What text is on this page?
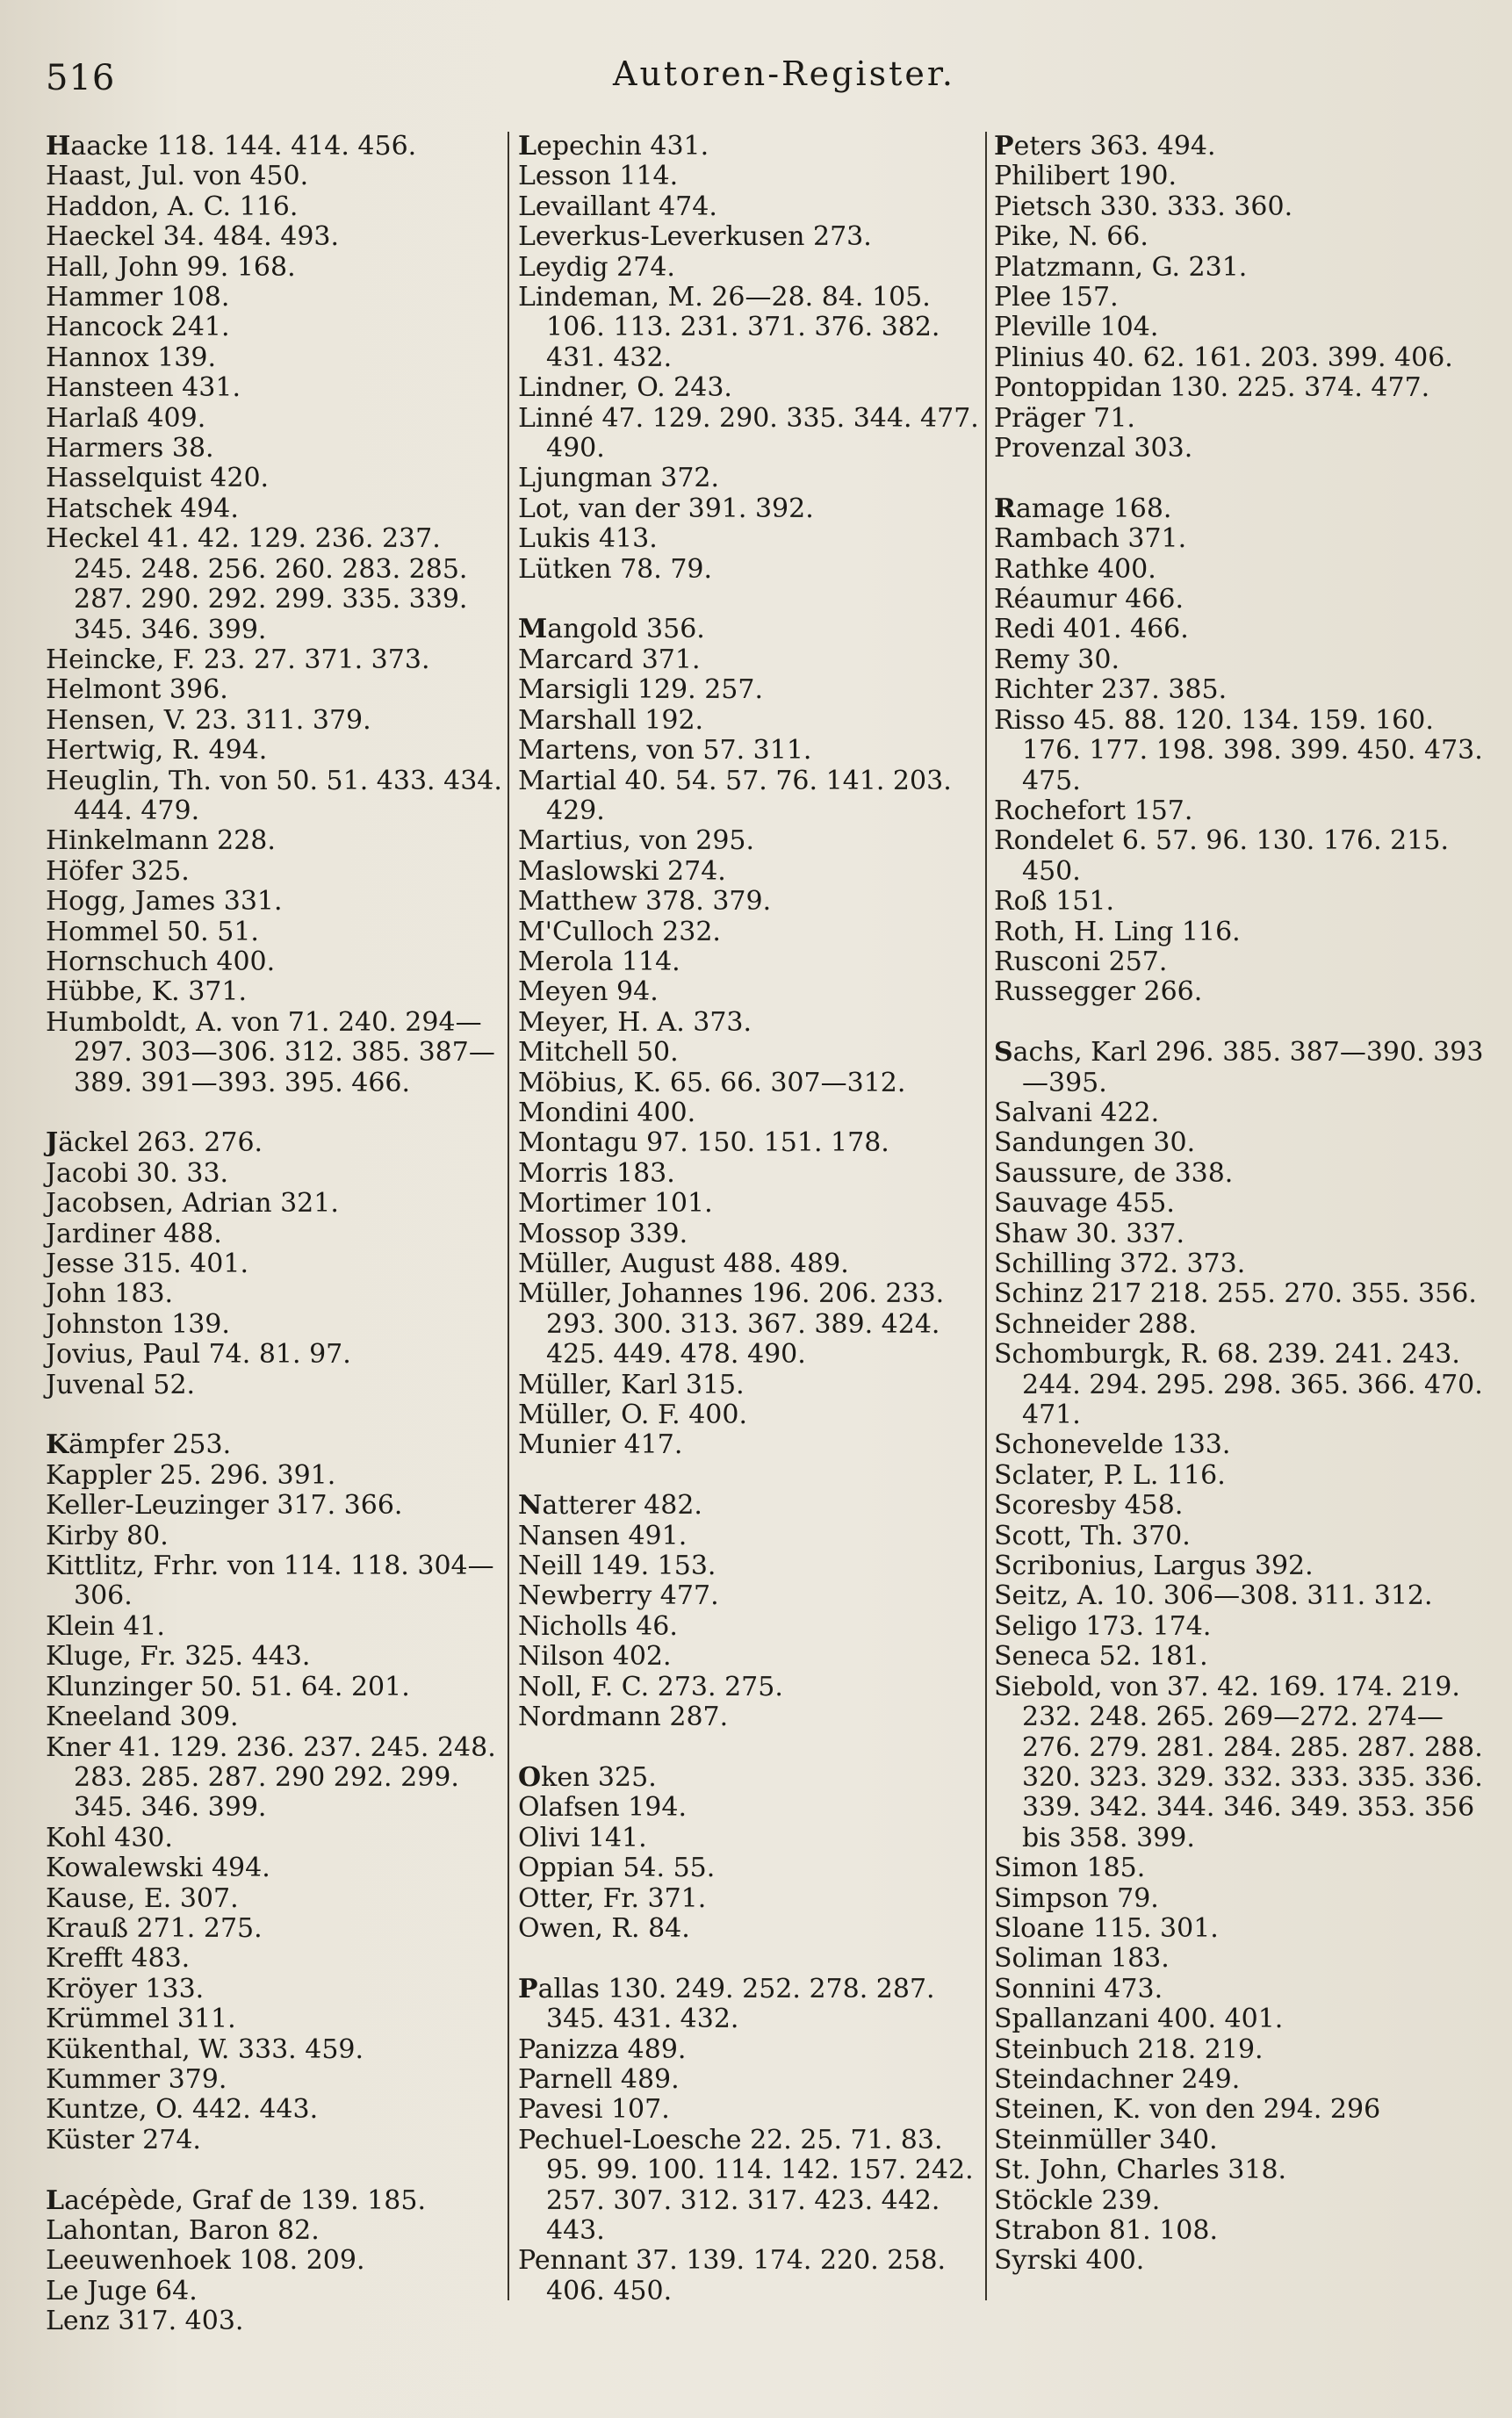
516	Autoren-Register.
Haacke 118. 144. 414. 456.
Haast, Jul. von 450.
Haddon, A. C. 116.
Haeckel 34. 484. 493.
Hall, John 99. 168.
Hammer 108.
Hancock 241.
Hannox 139.
Hansteen 431.
Harlaß 409.
Harmers 38.
Hasselquist 420.
Hatschek 494.
Heckel 41. 42. 129. 236. 237. 245. 248. 256. 260. 283. 285. 287. 290. 292. 299. 335. 339. 345. 346. 399.
Heincke, F. 23. 27. 371. 373.
Helmont 396.
Hensen, V. 23. 311. 379.
Hertwig, R. 494.
Heuglin, Th. von 50. 51. 433. 434. 444. 479.
Hinkelmann 228.
Höfer 325.
Hogg, James 331.
Hommel 50. 51.
Hornschuch 400.
Hübbe, K. 371.
Humboldt, A. von 71. 240. 294—297. 303—306. 312. 385. 387—389. 391—393. 395. 466.
Jäckel 263. 276.
Jacobi 30. 33.
Jacobsen, Adrian 321.
Jardiner 488.
Jesse 315. 401.
John 183.
Johnston 139.
Jovius, Paul 74. 81. 97.
Juvenal 52.
Kämpfer 253.
Kappler 25. 296. 391.
Keller-Leuzinger 317. 366.
Kirby 80.
Kittlitz, Frhr. von 114. 118. 304—306.
Klein 41.
Kluge, Fr. 325. 443.
Klunzinger 50. 51. 64. 201.
Kneeland 309.
Kner 41. 129. 236. 237. 245. 248. 283. 285. 287. 290 292. 299. 345. 346. 399.
Kohl 430.
Kowalewski 494.
Kause, E. 307.
Krauß 271. 275.
Krefft 483.
Kröyer 133.
Krümmel 311.
Kükenthal, W. 333. 459.
Kummer 379.
Kuntze, O. 442. 443.
Küster 274.
Lacépède, Graf de 139. 185.
Lahontan, Baron 82.
Leeuwenhoek 108. 209.
Le Juge 64.
Lenz 317. 403.
Lepechin 431.
Lesson 114.
Levaillant 474.
Leverkus-Leverkusen 273.
Leydig 274.
Lindeman, M. 26—28. 84. 105. 106. 113. 231. 371. 376. 382. 431. 432.
Lindner, O. 243.
Linné 47. 129. 290. 335. 344. 477. 490.
Ljungman 372.
Lot, van der 391. 392.
Lukis 413.
Lütken 78. 79.
Mangold 356.
Marcard 371.
Marsigli 129. 257.
Marshall 192.
Martens, von 57. 311.
Martial 40. 54. 57. 76. 141. 203. 429.
Martius, von 295.
Maslowski 274.
Matthew 378. 379.
M'Culloch 232.
Merola 114.
Meyen 94.
Meyer, H. A. 373.
Mitchell 50.
Möbius, K. 65. 66. 307—312.
Mondini 400.
Montagu 97. 150. 151. 178.
Morris 183.
Mortimer 101.
Mossop 339.
Müller, August 488. 489.
Müller, Johannes 196. 206. 233. 293. 300. 313. 367. 389. 424. 425. 449. 478. 490.
Müller, Karl 315.
Müller, O. F. 400.
Munier 417.
Natterer 482.
Nansen 491.
Neill 149. 153.
Newberry 477.
Nicholls 46.
Nilson 402.
Noll, F. C. 273. 275.
Nordmann 287.
Oken 325.
Olafsen 194.
Olivi 141.
Oppian 54. 55.
Otter, Fr. 371.
Owen, R. 84.
Pallas 130. 249. 252. 278. 287. 345. 431. 432.
Panizza 489.
Parnell 489.
Pavesi 107.
Pechuel-Loesche 22. 25. 71. 83. 95. 99. 100. 114. 142. 157. 242. 257. 307. 312. 317. 423. 442. 443.
Pennant 37. 139. 174. 220. 258. 406. 450.
Peters 363. 494.
Philibert 190.
Pietsch 330. 333. 360.
Pike, N. 66.
Platzmann, G. 231.
Plee 157.
Pleville 104.
Plinius 40. 62. 161. 203. 399. 406.
Pontoppidan 130. 225. 374. 477.
Präger 71.
Provenzal 303.
Ramage 168.
Rambach 371.
Rathke 400.
Réaumur 466.
Redi 401. 466.
Remy 30.
Richter 237. 385.
Risso 45. 88. 120. 134. 159. 160. 176. 177. 198. 398. 399. 450. 473. 475.
Rochefort 157.
Rondelet 6. 57. 96. 130. 176. 215. 450.
Roß 151.
Roth, H. Ling 116.
Rusconi 257.
Russegger 266.
Sachs, Karl 296. 385. 387—390. 393—395.
Salvani 422.
Sandungen 30.
Saussure, de 338.
Sauvage 455.
Shaw 30. 337.
Schilling 372. 373.
Schinz 217 218. 255. 270. 355. 356.
Schneider 288.
Schomburgk, R. 68. 239. 241. 243. 244. 294. 295. 298. 365. 366. 470. 471.
Schonevelde 133.
Sclater, P. L. 116.
Scoresby 458.
Scott, Th. 370.
Scribonius, Largus 392.
Seitz, A. 10. 306—308. 311. 312.
Seligo 173. 174.
Seneca 52. 181.
Siebold, von 37. 42. 169. 174. 219. 232. 248. 265. 269—272. 274—276. 279. 281. 284. 285. 287. 288. 320. 323. 329. 332. 333. 335. 336. 339. 342. 344. 346. 349. 353. 356 bis 358. 399.
Simon 185.
Simpson 79.
Sloane 115. 301.
Soliman 183.
Sonnini 473.
Spallanzani 400. 401.
Steinbuch 218. 219.
Steindachner 249.
Steinen, K. von den 294. 296
Steinmüller 340.
St. John, Charles 318.
Stöckle 239.
Strabon 81. 108.
Syrski 400.
